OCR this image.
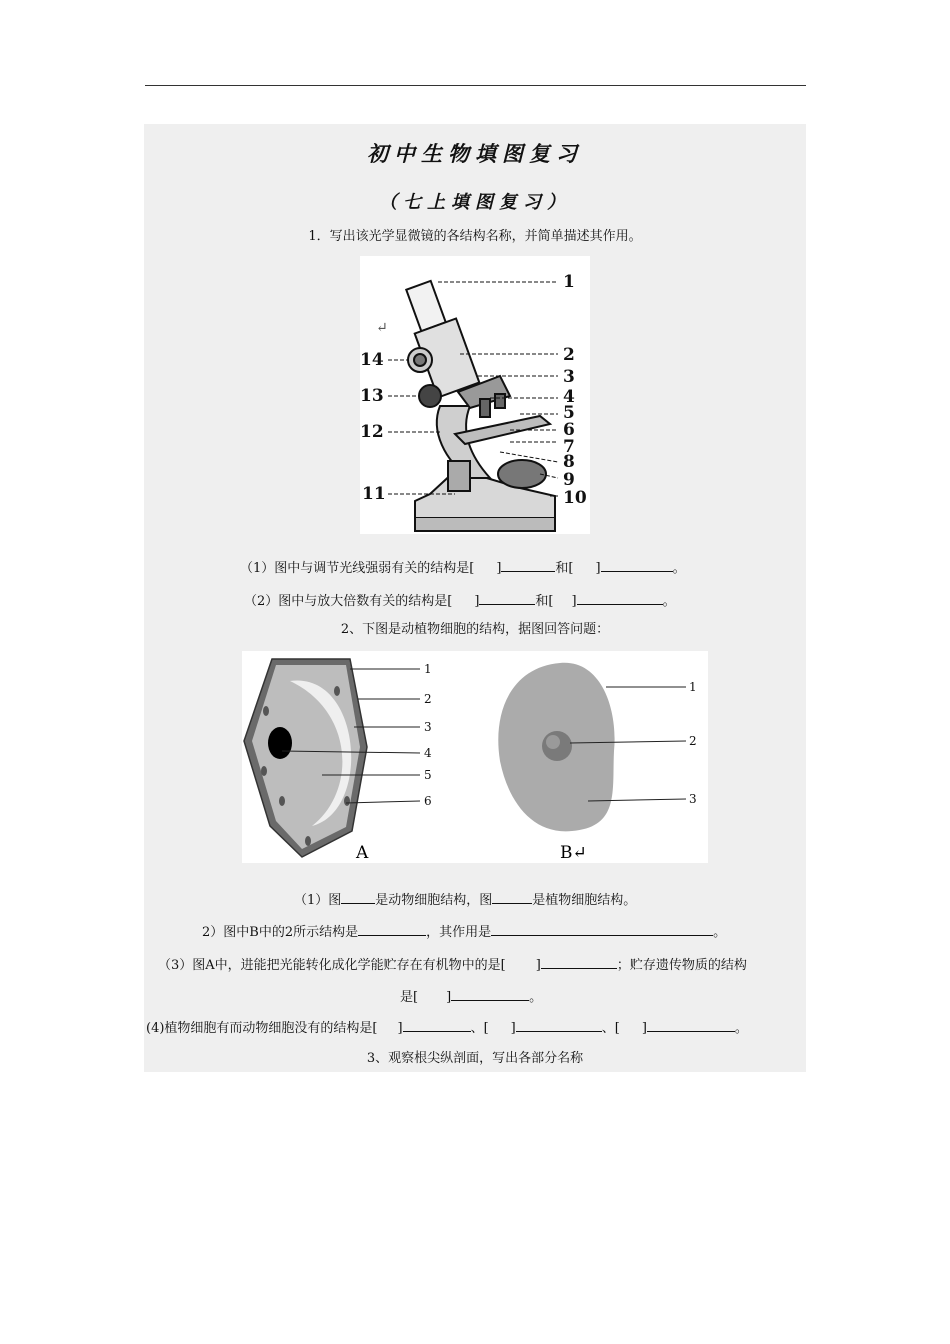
初中生物填图复习
（七上填图复习）
1．写出该光学显微镜的各结构名称，并简单描述其作用。
1
2
3
4
5
6
7
8
9
10
11
12
13
14
↵
（1）图中与调节光线强弱有关的结构是[ ]	和[ ]	。
（2）图中与放大倍数有关的结构是[ ]	和[ ]	。
2、下图是动植物细胞的结构，据图回答问题：
1
2
3
4
5
6
A
1
2
3
B↵
（1）图	是动物细胞结构，图	是植物细胞结构。
2）图中B中的2所示结构是	，其作用是	。
（3）图A中，进能把光能转化成化学能贮存在有机物中的是[ ]	；贮存遗传物质的结构
是[ ]	。
(4)植物细胞有而动物细胞没有的结构是[ ]	、[ ]	、[ ]	。
3、观察根尖纵剖面，写出各部分名称
